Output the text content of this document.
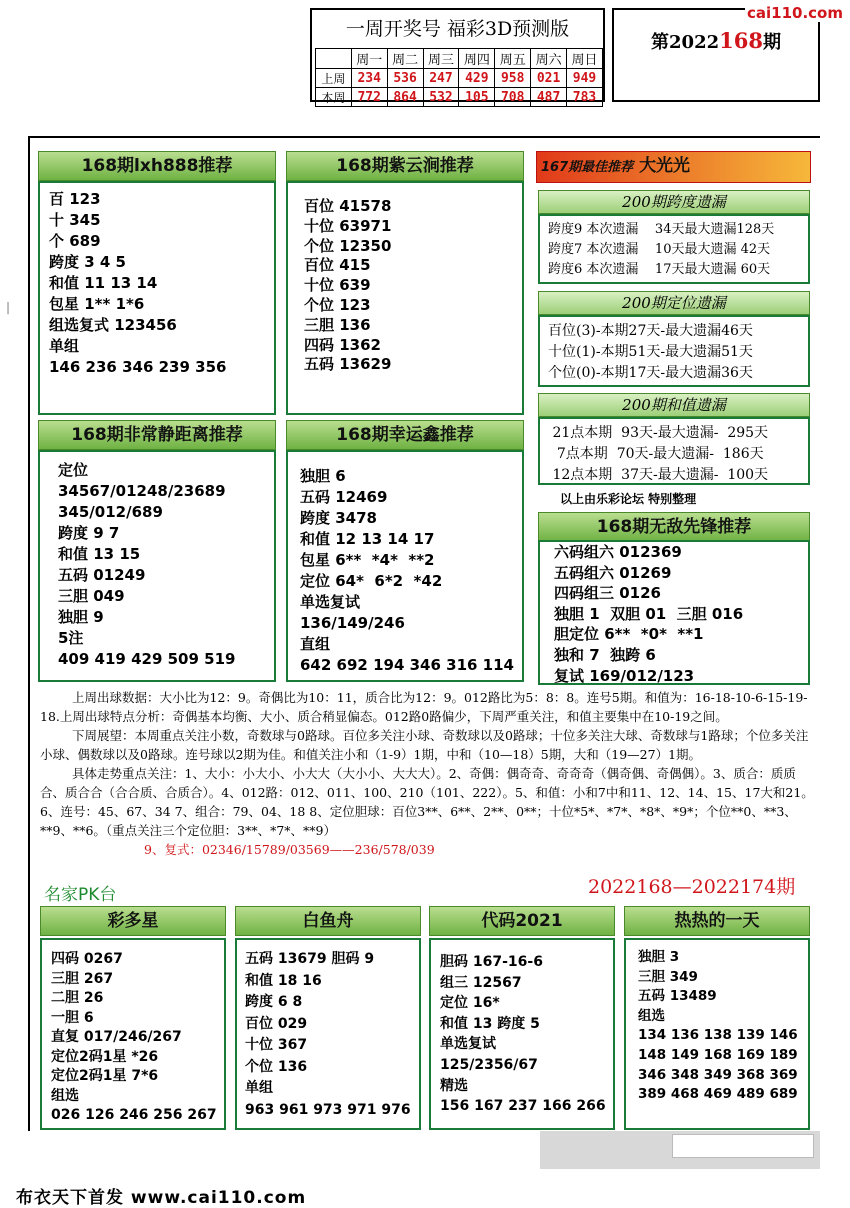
一周开奖号 福彩3D预测版
	周一	周二	周三	周四	周五	周六	周日
上周	234	536	247	429	958	021	949
本周	772	864	532	105	708	487	783
第2022168期
cai110.com
|
168期lxh888推荐
百 123
十 345
个 689
跨度 3 4 5
和值 11 13 14
包星 1** 1*6
组选复式 123456
单组
146 236 346 239 356
168期紫云涧推荐
百位 41578
十位 63971
个位 12350
百位 415
十位 639
个位 123
三胆 136
四码 1362
五码 13629
168期非常静距离推荐
定位
34567/01248/23689
345/012/689
跨度 9 7
和值 13 15
五码 01249
三胆 049
独胆 9
5注
409 419 429 509 519
168期幸运鑫推荐
独胆 6
五码 12469
跨度 3478
和值 12 13 14 17
包星 6**  *4*  **2
定位 64*  6*2  *42
单选复试
136/149/246
直组
642 692 194 346 316 114
167期最佳推荐 大光光
200期跨度遗漏
跨度9 本次遗漏    34天最大遗漏128天
跨度7 本次遗漏    10天最大遗漏 42天
跨度6 本次遗漏    17天最大遗漏 60天
200期定位遗漏
百位(3)-本期27天-最大遗漏46天
十位(1)-本期51天-最大遗漏51天
个位(0)-本期17天-最大遗漏36天
200期和值遗漏
21点本期  93天-最大遗漏-  295天
7点本期  70天-最大遗漏-  186天
12点本期  37天-最大遗漏-  100天
以上由乐彩论坛 特别整理
168期无敌先锋推荐
六码组六 012369
五码组六 01269
四码组三 0126
独胆 1  双胆 01  三胆 016
胆定位 6**  *0*  **1
独和 7  独跨 6
复试 169/012/123

上周出球数据：大小比为12：9。奇偶比为10：11，质合比为12：9。012路比为5：8：8。连号5期。和值为：16-18-10-6-15-19-18.上周出球特点分析：奇偶基本均衡、大小、质合稍显偏态。012路0路偏少，下周严重关注，和值主要集中在10-19之间。

下周展望：本周重点关注小数，奇数球与0路球。百位多关注小球、奇数球以及0路球；十位多关注大球、奇数球与1路球；个位多关注小球、偶数球以及0路球。连号球以2期为佳。和值关注小和（1-9）1期，中和（10—18）5期，大和（19—27）1期。

具体走势重点关注：1、大小：小大小、小大大（大小小、大大大）。2、奇偶：偶奇奇、奇奇奇（偶奇偶、奇偶偶）。3、质合：质质合、质合合（合合质、合质合）。4、012路：012、011、100、210（101、222）。5、和值：小和7中和11、12、14、15、17大和21。6、连号：45、67、34 7、组合：79、04、18 8、定位胆球：百位3**、6**、2**、0**；十位*5*、*7*、*8*、*9*；个位**0、**3、**9、**6。（重点关注三个定位胆：3**、*7*、**9）

9、复式：02346/15789/03569——236/578/039

名家PK台	2022168—2022174期
彩多星
四码 0267
三胆 267
二胆 26
一胆 6
直复 017/246/267
定位2码1星 *26
定位2码1星 7*6
组选
026 126 246 256 267
白鱼舟
五码 13679 胆码 9
和值 18 16
跨度 6 8
百位 029
十位 367
个位 136
单组
963 961 973 971 976
代码2021
胆码 167-16-6
组三 12567
定位 16*
和值 13 跨度 5
单选复试
125/2356/67
精选
156 167 237 166 266
热热的一天
独胆 3
三胆 349
五码 13489
组选
134 136 138 139 146
148 149 168 169 189
346 348 349 368 369
389 468 469 489 689
布衣天下首发 www.cai110.com
